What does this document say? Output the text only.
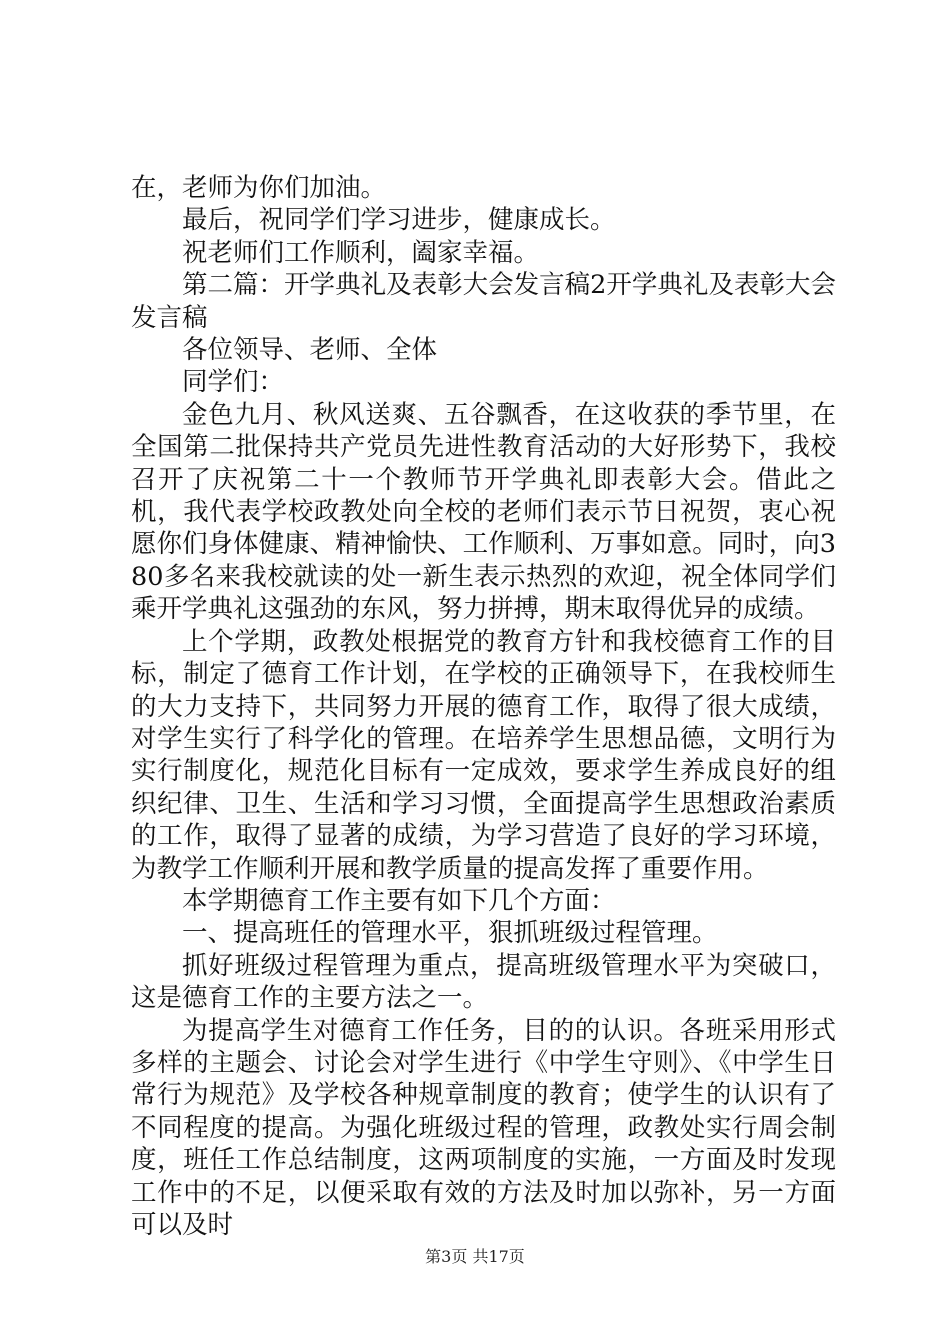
在，老师为你们加油。

最后，祝同学们学习进步，健康成长。

祝老师们工作顺利，阖家幸福。

第二篇：开学典礼及表彰大会发言稿2开学典礼及表彰大会发言稿

各位领导、老师、全体

同学们：

金色九月、秋风送爽、五谷飘香，在这收获的季节里，在全国第二批保持共产党员先进性教育活动的大好形势下，我校召开了庆祝第二十一个教师节开学典礼即表彰大会。借此之机，我代表学校政教处向全校的老师们表示节日祝贺，衷心祝愿你们身体健康、精神愉快、工作顺利、万事如意。同时，向380多名来我校就读的处一新生表示热烈的欢迎，祝全体同学们乘开学典礼这强劲的东风，努力拼搏，期末取得优异的成绩。

上个学期，政教处根据党的教育方针和我校德育工作的目标，制定了德育工作计划，在学校的正确领导下，在我校师生的大力支持下，共同努力开展的德育工作，取得了很大成绩，对学生实行了科学化的管理。在培养学生思想品德，文明行为实行制度化，规范化目标有一定成效，要求学生养成良好的组织纪律、卫生、生活和学习习惯，全面提高学生思想政治素质的工作，取得了显著的成绩，为学习营造了良好的学习环境，为教学工作顺利开展和教学质量的提高发挥了重要作用。

本学期德育工作主要有如下几个方面：

一、提高班任的管理水平，狠抓班级过程管理。

抓好班级过程管理为重点，提高班级管理水平为突破口，这是德育工作的主要方法之一。

为提高学生对德育工作任务，目的的认识。各班采用形式多样的主题会、讨论会对学生进行《中学生守则》、《中学生日常行为规范》及学校各种规章制度的教育；使学生的认识有了不同程度的提高。为强化班级过程的管理，政教处实行周会制度，班任工作总结制度，这两项制度的实施，一方面及时发现工作中的不足，以便采取有效的方法及时加以弥补，另一方面可以及时

第3页 共17页
